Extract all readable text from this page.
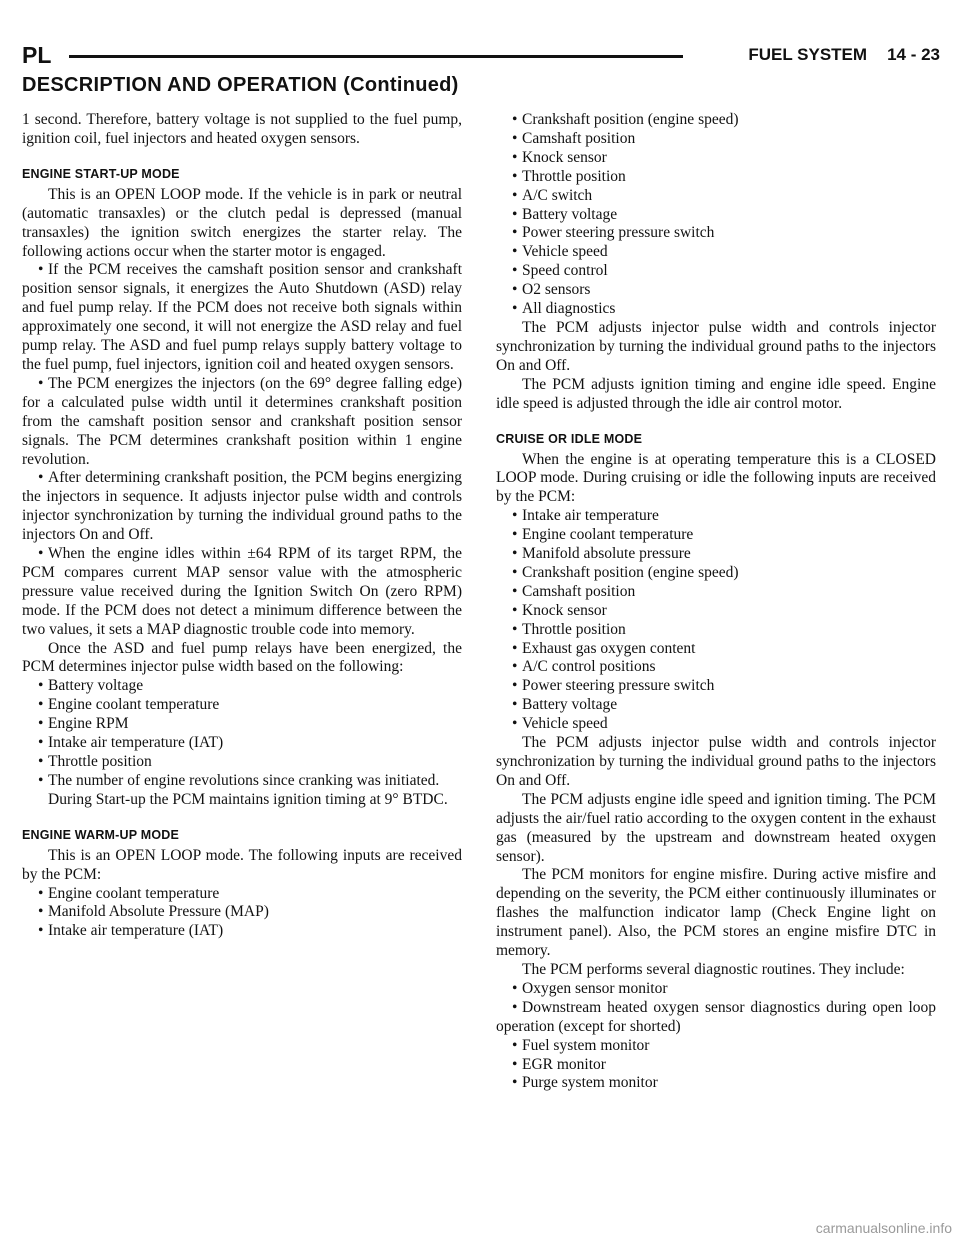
PL	FUEL SYSTEM 14 - 23
DESCRIPTION AND OPERATION (Continued)

1 second. Therefore, battery voltage is not supplied to the fuel pump, ignition coil, fuel injectors and heated oxygen sensors.

ENGINE START-UP MODE

This is an OPEN LOOP mode. If the vehicle is in park or neutral (automatic transaxles) or the clutch pedal is depressed (manual transaxles) the ignition switch energizes the starter relay. The following actions occur when the starter motor is engaged.

• If the PCM receives the camshaft position sensor and crankshaft position sensor signals, it energizes the Auto Shutdown (ASD) relay and fuel pump relay. If the PCM does not receive both signals within approximately one second, it will not energize the ASD relay and fuel pump relay. The ASD and fuel pump relays supply battery voltage to the fuel pump, fuel injectors, ignition coil and heated oxygen sensors.
• The PCM energizes the injectors (on the 69° degree falling edge) for a calculated pulse width until it determines crankshaft position from the camshaft position sensor and crankshaft position sensor signals. The PCM determines crankshaft position within 1 engine revolution.
• After determining crankshaft position, the PCM begins energizing the injectors in sequence. It adjusts injector pulse width and controls injector synchronization by turning the individual ground paths to the injectors On and Off.
• When the engine idles within ±64 RPM of its target RPM, the PCM compares current MAP sensor value with the atmospheric pressure value received during the Ignition Switch On (zero RPM) mode. If the PCM does not detect a minimum difference between the two values, it sets a MAP diagnostic trouble code into memory.

Once the ASD and fuel pump relays have been energized, the PCM determines injector pulse width based on the following:

• Battery voltage
• Engine coolant temperature
• Engine RPM
• Intake air temperature (IAT)
• Throttle position
• The number of engine revolutions since cranking was initiated.

During Start-up the PCM maintains ignition timing at 9° BTDC.

ENGINE WARM-UP MODE

This is an OPEN LOOP mode. The following inputs are received by the PCM:

• Engine coolant temperature
• Manifold Absolute Pressure (MAP)
• Intake air temperature (IAT)
• Crankshaft position (engine speed)
• Camshaft position
• Knock sensor
• Throttle position
• A/C switch
• Battery voltage
• Power steering pressure switch
• Vehicle speed
• Speed control
• O2 sensors
• All diagnostics

The PCM adjusts injector pulse width and controls injector synchronization by turning the individual ground paths to the injectors On and Off.

The PCM adjusts ignition timing and engine idle speed. Engine idle speed is adjusted through the idle air control motor.

CRUISE OR IDLE MODE

When the engine is at operating temperature this is a CLOSED LOOP mode. During cruising or idle the following inputs are received by the PCM:

• Intake air temperature
• Engine coolant temperature
• Manifold absolute pressure
• Crankshaft position (engine speed)
• Camshaft position
• Knock sensor
• Throttle position
• Exhaust gas oxygen content
• A/C control positions
• Power steering pressure switch
• Battery voltage
• Vehicle speed

The PCM adjusts injector pulse width and controls injector synchronization by turning the individual ground paths to the injectors On and Off.

The PCM adjusts engine idle speed and ignition timing. The PCM adjusts the air/fuel ratio according to the oxygen content in the exhaust gas (measured by the upstream and downstream heated oxygen sensor).

The PCM monitors for engine misfire. During active misfire and depending on the severity, the PCM either continuously illuminates or flashes the malfunction indicator lamp (Check Engine light on instrument panel). Also, the PCM stores an engine misfire DTC in memory.

The PCM performs several diagnostic routines. They include:

• Oxygen sensor monitor
• Downstream heated oxygen sensor diagnostics during open loop operation (except for shorted)
• Fuel system monitor
• EGR monitor
• Purge system monitor
carmanualsonline.info
